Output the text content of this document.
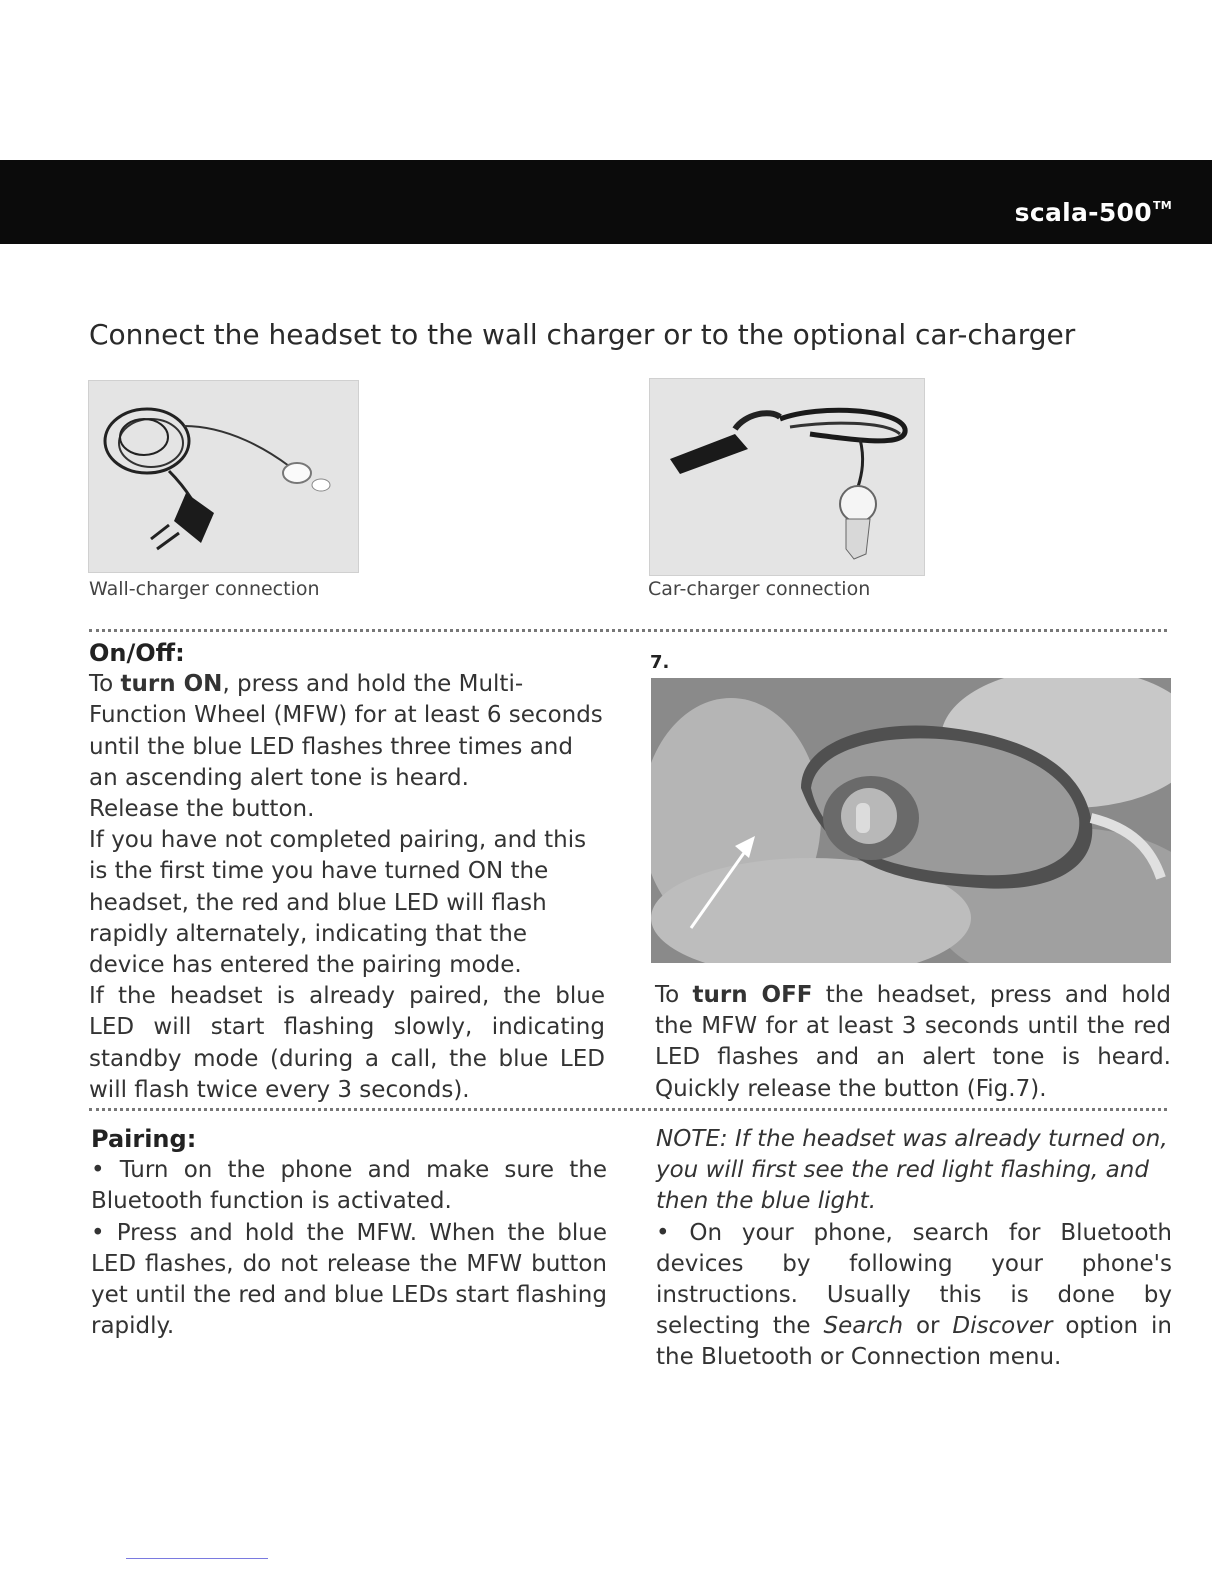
scala-500™
Connect the headset to the wall charger or to the optional car-charger
Wall-charger connection	Car-charger connection

On/Off:

To turn ON, press and hold the Multi-Function Wheel (MFW) for at least 6 seconds until the blue LED flashes three times and an ascending alert tone is heard.

Release the button.

If you have not completed pairing, and this is the first time you have turned ON the headset, the red and blue LED will flash rapidly alternately, indicating that the device has entered the pairing mode.

If the headset is already paired, the blue LED will start flashing slowly, indicating standby mode (during a call, the blue LED will flash twice every 3 seconds).

7.

To turn OFF the headset, press and hold the MFW for at least 3 seconds until the red LED flashes and an alert tone is heard. Quickly release the button (Fig.7).

Pairing:

• Turn on the phone and make sure the Bluetooth function is activated.

• Press and hold the MFW. When the blue LED flashes, do not release the MFW button yet until the red and blue LEDs start flashing rapidly.

NOTE: If the headset was already turned on, you will first see the red light flashing, and then the blue light.

• On your phone, search for Bluetooth devices by following your phone's instructions. Usually this is done by selecting the Search or Discover option in the Bluetooth or Connection menu.
